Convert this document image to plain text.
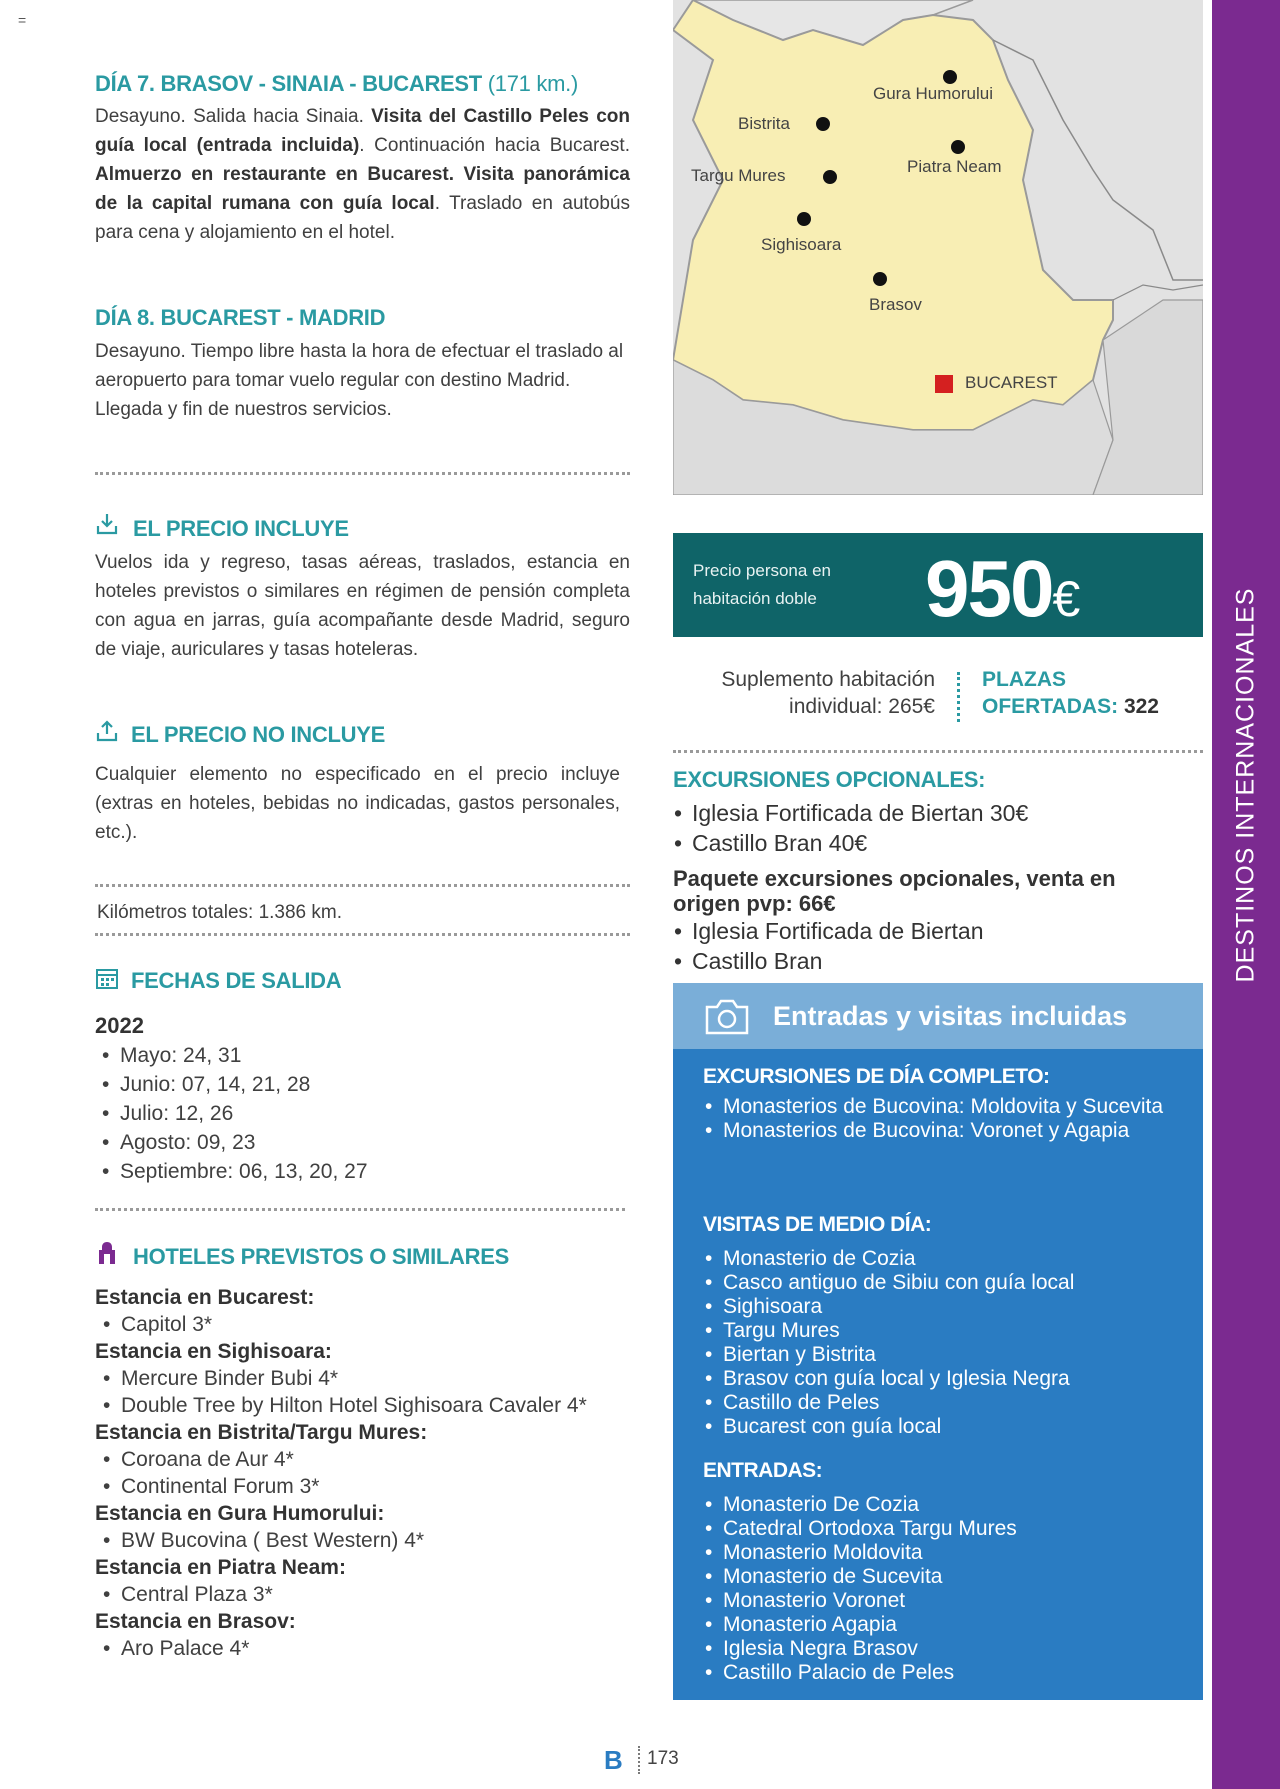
=
DÍA 7. BRASOV - SINAIA - BUCAREST (171 km.)
Desayuno. Salida hacia Sinaia. Visita del Castillo Peles con guía local (entrada incluida). Continuación hacia Bucarest. Almuerzo en restaurante en Bucarest. Visita panorámica de la capital rumana con guía local. Traslado en autobús para cena y alojamiento en el hotel.
DÍA 8. BUCAREST - MADRID
Desayuno. Tiempo libre hasta la hora de efectuar el traslado al aeropuerto para tomar vuelo regular con destino Madrid. Llegada y fin de nuestros servicios.
EL PRECIO INCLUYE
Vuelos ida y regreso, tasas aéreas, traslados, estancia en hoteles previstos o similares en régimen de pensión completa con agua en jarras, guía acompañante desde Madrid, seguro de viaje, auriculares y tasas hoteleras.
EL PRECIO NO INCLUYE
Cualquier elemento no especificado en el precio incluye (extras en hoteles, bebidas no indicadas, gastos personales, etc.).
Kilómetros totales: 1.386 km.
FECHAS DE SALIDA
2022
• Mayo: 24, 31
• Junio: 07, 14, 21, 28
• Julio: 12, 26
• Agosto: 09, 23
• Septiembre: 06, 13, 20, 27
HOTELES PREVISTOS O SIMILARES
Estancia en Bucarest:
• Capitol 3*
Estancia en Sighisoara:
• Mercure Binder Bubi 4*
• Double Tree by Hilton Hotel Sighisoara Cavaler 4*
Estancia en Bistrita/Targu Mures:
• Coroana de Aur 4*
• Continental Forum 3*
Estancia en Gura Humorului:
• BW Bucovina ( Best Western) 4*
Estancia en Piatra Neam:
• Central Plaza 3*
Estancia en Brasov:
• Aro Palace 4*
Gura Humorului
Bistrita
Piatra Neam
Targu Mures
Sighisoara
Brasov
BUCAREST
Precio persona en habitación doble	950€
Suplemento habitación
individual: 265€
PLAZAS
OFERTADAS: 322
EXCURSIONES OPCIONALES:
• Iglesia Fortificada de Biertan 30€
• Castillo Bran 40€
Paquete excursiones opcionales, venta en origen pvp: 66€
• Iglesia Fortificada de Biertan
• Castillo Bran
Entradas y visitas incluidas
EXCURSIONES DE DÍA COMPLETO:
• Monasterios de Bucovina: Moldovita y Sucevita
• Monasterios de Bucovina: Voronet y Agapia
VISITAS DE MEDIO DÍA:
• Monasterio de Cozia
• Casco antiguo de Sibiu con guía local
• Sighisoara
• Targu Mures
• Biertan y Bistrita
• Brasov con guía local y Iglesia Negra
• Castillo de Peles
• Bucarest con guía local
ENTRADAS:
• Monasterio De Cozia
• Catedral Ortodoxa Targu Mures
• Monasterio Moldovita
• Monasterio de Sucevita
• Monasterio Voronet
• Monasterio Agapia
• Iglesia Negra Brasov
• Castillo Palacio de Peles
DESTINOS INTERNACIONALES
B 173
